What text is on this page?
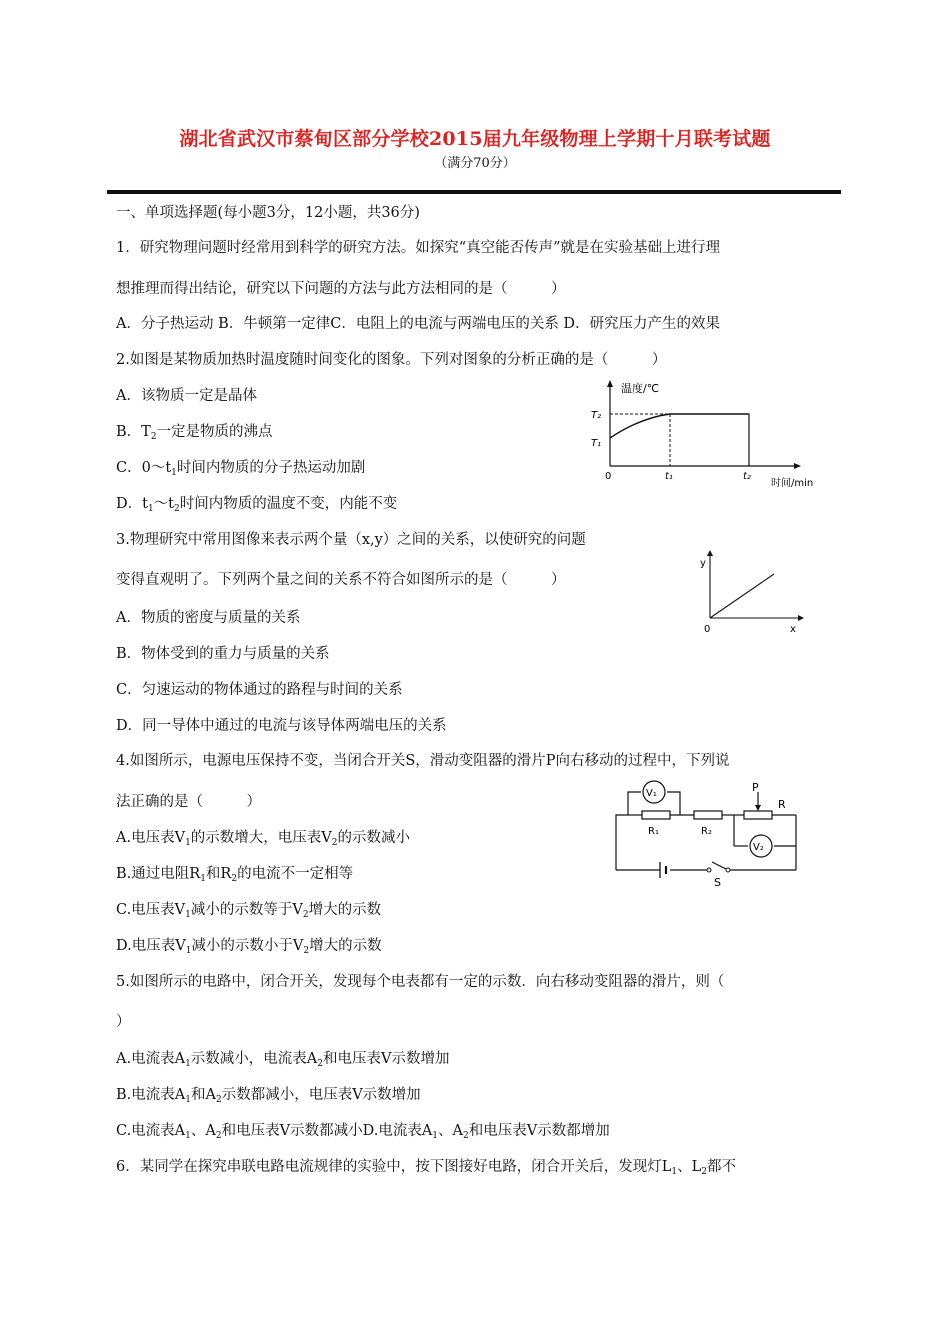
湖北省武汉市蔡甸区部分学校2015届九年级物理上学期十月联考试题
（满分70分）
一、单项选择题(每小题3分，12小题，共36分)
1．研究物理问题时经常用到科学的研究方法。如探究“真空能否传声”就是在实验基础上进行理
想推理而得出结论，研究以下问题的方法与此方法相同的是（　　　）
A．分子热运动 B．牛顿第一定律C．电阻上的电流与两端电压的关系 D．研究压力产生的效果
2.如图是某物质加热时温度随时间变化的图象。下列对图象的分析正确的是（　　　）
A．该物质一定是晶体
B．$T_2$一定是物质的沸点
C．$0\sim t_1$时间内物质的分子热运动加剧
D．$t_1\sim t_2$时间内物质的温度不变，内能不变
温度/℃
T₂
T₁
0	t₁	t₂
时间/min
3.物理研究中常用图像来表示两个量（x,y）之间的关系，以使研究的问题
变得直观明了。下列两个量之间的关系不符合如图所示的是（　　　）
A．物质的密度与质量的关系
B．物体受到的重力与质量的关系
C．匀速运动的物体通过的路程与时间的关系
D．同一导体中通过的电流与该导体两端电压的关系
y
0	x
4.如图所示，电源电压保持不变，当闭合开关S，滑动变阻器的滑片P向右移动的过程中，下列说
法正确的是（　　　）
A.电压表$V_1$的示数增大，电压表$V_2$的示数减小
B.通过电阻$R_1$和$R_2$的电流不一定相等
C.电压表$V_1$减小的示数等于$V_2$增大的示数
D.电压表$V_1$减小的示数小于$V_2$增大的示数
V₁
V₂
R₁	R₂
R
P
S
5.如图所示的电路中，闭合开关，发现每个电表都有一定的示数．向右移动变阻器的滑片，则（
）
A.电流表$A_1$示数减小，电流表$A_2$和电压表V示数增加
B.电流表$A_1$和$A_2$示数都减小，电压表V示数增加
C.电流表$A_1$、$A_2$和电压表V示数都减小D.电流表$A_1$、$A_2$和电压表V示数都增加
6．某同学在探究串联电路电流规律的实验中，按下图接好电路，闭合开关后，发现灯$L_1$、$L_2$都不
